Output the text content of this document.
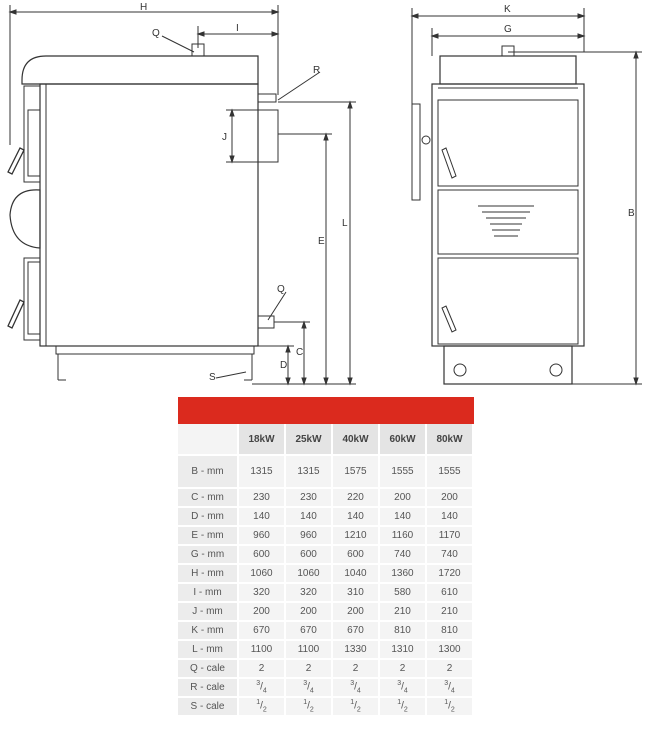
H
I
Q
R
J
E
L
Q
C
D
S
K
G
B
	18kW	25kW	40kW	60kW	80kW
B - mm	1315	1315	1575	1555	1555
C - mm	230	230	220	200	200
D - mm	140	140	140	140	140
E - mm	960	960	1210	1160	1170
G - mm	600	600	600	740	740
H - mm	1060	1060	1040	1360	1720
I - mm	320	320	310	580	610
J - mm	200	200	200	210	210
K - mm	670	670	670	810	810
L - mm	1100	1100	1330	1310	1300
Q - cale	2	2	2	2	2
R - cale	$^3/_4$	$^3/_4$	$^3/_4$	$^3/_4$	$^3/_4$
S - cale	$^1/_2$	$^1/_2$	$^1/_2$	$^1/_2$	$^1/_2$
